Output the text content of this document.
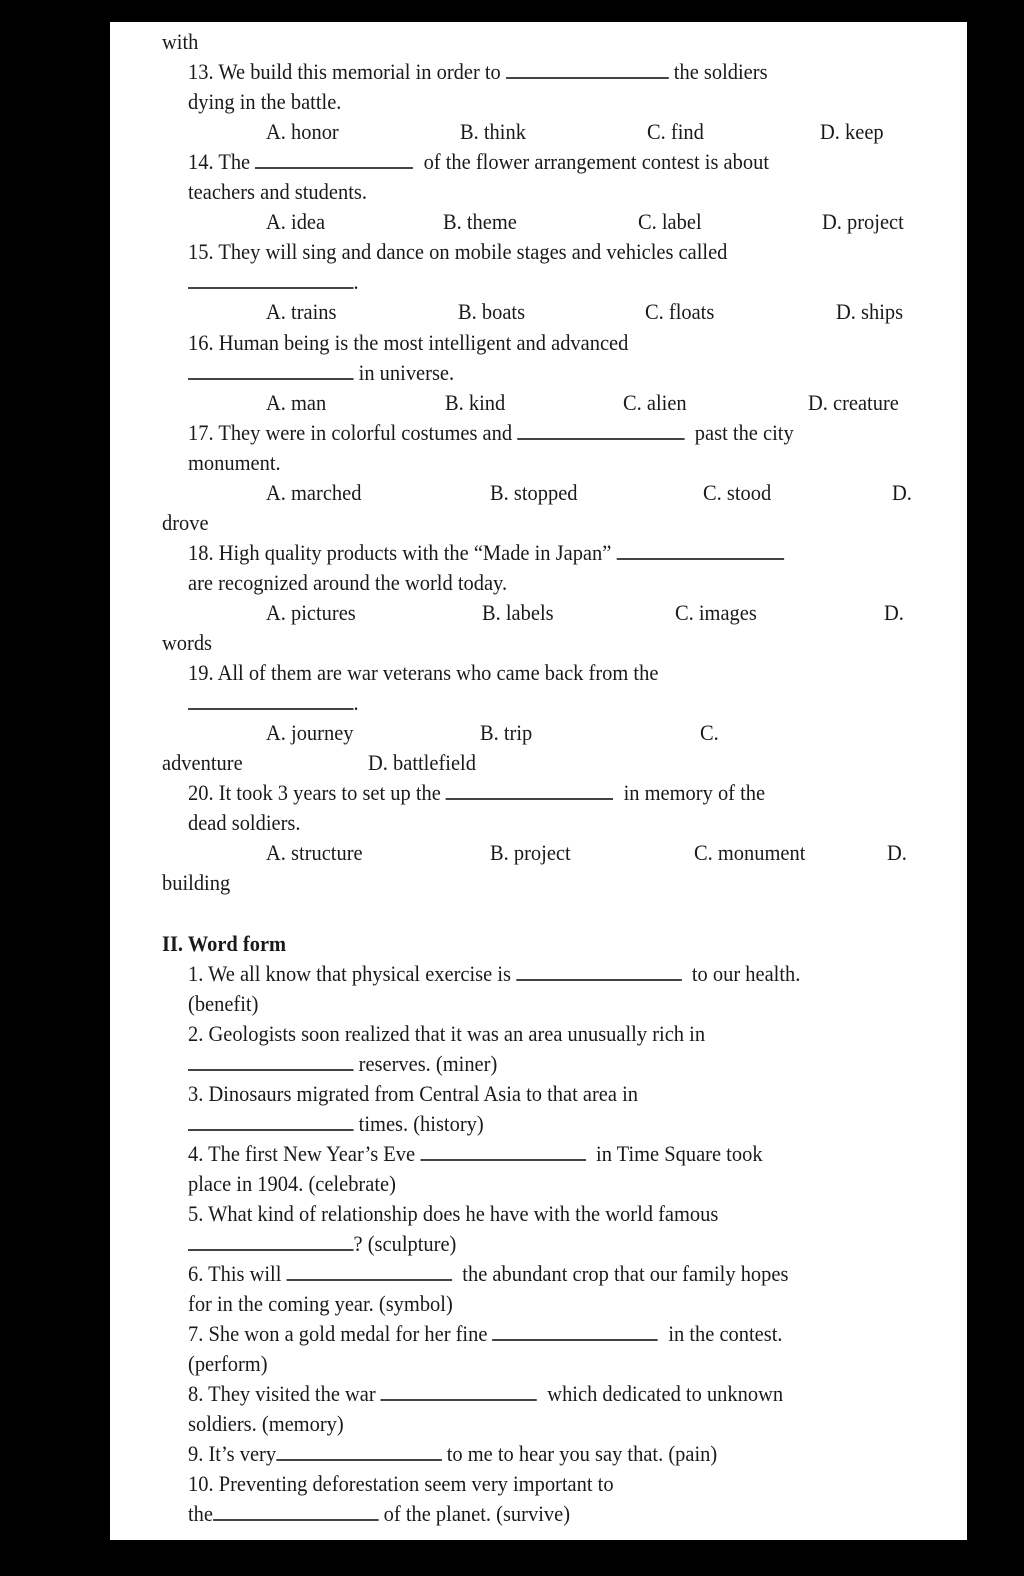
with
13. We build this memorial in order to	the soldiers
dying in the battle.
A. honor	B. think	C. find	D. keep
14. The	of the flower arrangement contest is about
teachers and students.
A. idea	B. theme	C. label	D. project
15. They will sing and dance on mobile stages and vehicles called
.
A. trains	B. boats	C. floats	D. ships
16. Human being is the most intelligent and advanced
in universe.
A. man	B. kind	C. alien	D. creature
17. They were in colorful costumes and	past the city
monument.
A. marched	B. stopped	C. stood	D.
drove
18. High quality products with the “Made in Japan”
are recognized around the world today.
A. pictures	B. labels	C. images	D.
words
19. All of them are war veterans who came back from the
.
A. journey	B. trip	C.
adventure	D. battlefield
20. It took 3 years to set up the	in memory of the
dead soldiers.
A. structure	B. project	C. monument	D.
building
II. Word form
1. We all know that physical exercise is	to our health.
(benefit)
2. Geologists soon realized that it was an area unusually rich in
reserves. (miner)
3. Dinosaurs migrated from Central Asia to that area in
times. (history)
4. The first New Year’s Eve	in Time Square took
place in 1904. (celebrate)
5. What kind of relationship does he have with the world famous
? (sculpture)
6. This will	the abundant crop that our family hopes
for in the coming year. (symbol)
7. She won a gold medal for her fine	in the contest.
(perform)
8. They visited the war	which dedicated to unknown
soldiers. (memory)
9. It’s very	to me to hear you say that. (pain)
10. Preventing deforestation seem very important to
the	of the planet. (survive)
